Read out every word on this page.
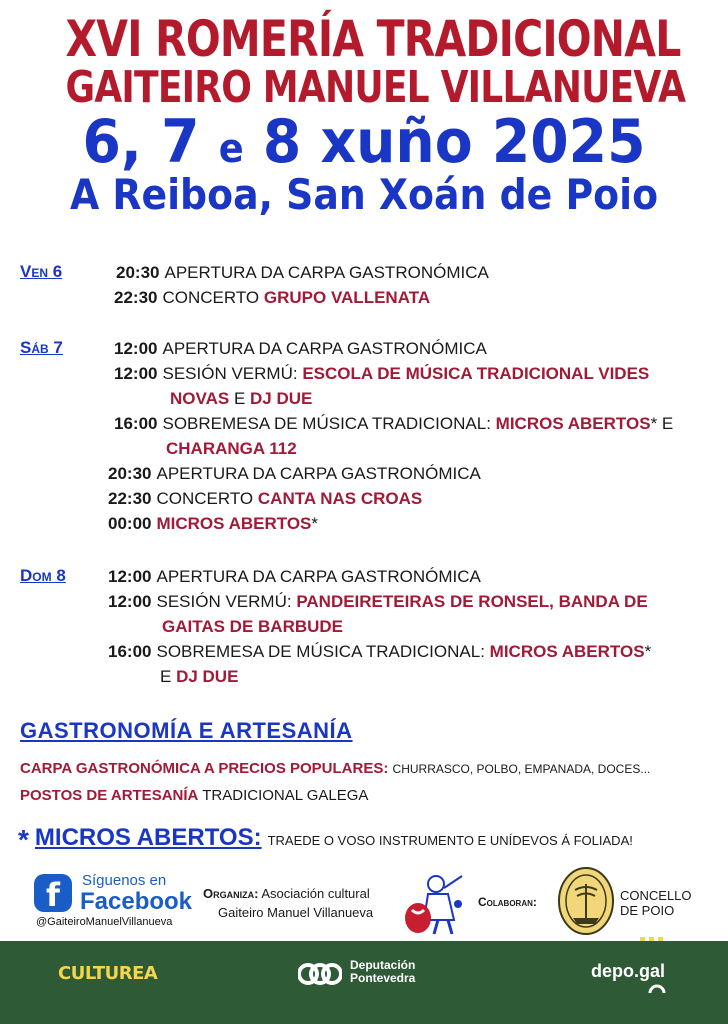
XVI ROMERÍA TRADICIONAL
GAITEIRO MANUEL VILLANUEVA
6, 7 e 8 xuño 2025
A Reiboa, San Xoán de Poio
Ven 6	20:30 APERTURA DA CARPA GASTRONÓMICA
22:30 CONCERTO GRUPO VALLENATA
Sáb 7	12:00 APERTURA DA CARPA GASTRONÓMICA
12:00 SESIÓN VERMÚ: ESCOLA DE MÚSICA TRADICIONAL VIDES
NOVAS E DJ DUE
16:00 SOBREMESA DE MÚSICA TRADICIONAL: MICROS ABERTOS* E
CHARANGA 112
20:30 APERTURA DA CARPA GASTRONÓMICA
22:30 CONCERTO CANTA NAS CROAS
00:00 MICROS ABERTOS*
Dom 8 12:00 APERTURA DA CARPA GASTRONÓMICA
12:00 SESIÓN VERMÚ: PANDEIRETEIRAS DE RONSEL, BANDA DE
GAITAS DE BARBUDE
16:00 SOBREMESA DE MÚSICA TRADICIONAL: MICROS ABERTOS*
E DJ DUE
GASTRONOMÍA E ARTESANÍA
CARPA GASTRONÓMICA A PRECIOS POPULARES: CHURRASCO, POLBO, EMPANADA, DOCES...
POSTOS DE ARTESANÍA TRADICIONAL GALEGA
* MICROS ABERTOS: TRAEDE O VOSO INSTRUMENTO E UNÍDEVOS Á FOLIADA!
f	Síguenos en
Facebook
@GaiteiroManuelVillanueva
Organiza: Asociación cultural
Gaiteiro Manuel Villanueva
Colaboran:	CONCELLO
DE POIO
CULTUREA	Deputación
Pontevedra	depo.gal
